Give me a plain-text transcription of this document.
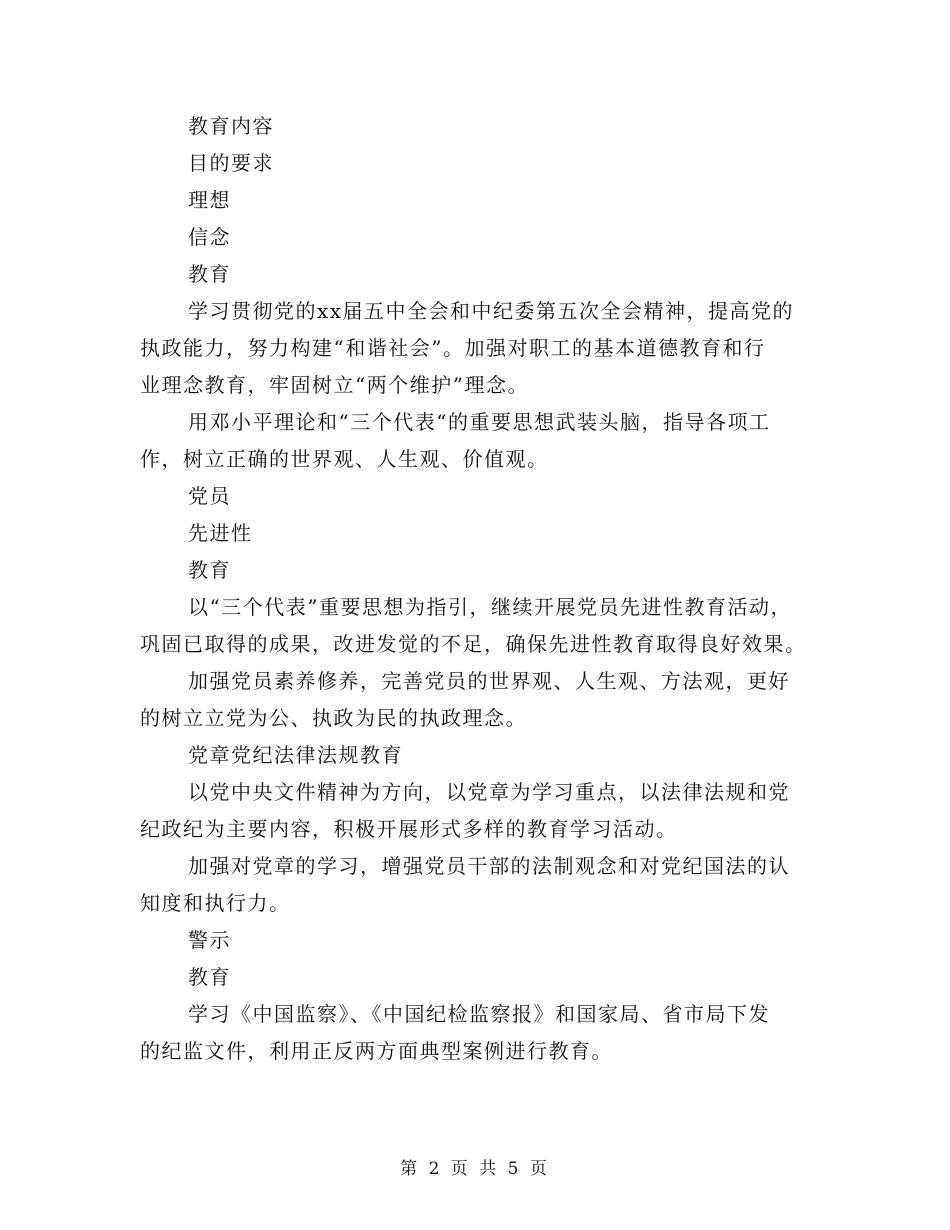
教育内容
目的要求
理想
信念
教育
学习贯彻党的xx届五中全会和中纪委第五次全会精神，提高党的
执政能力，努力构建“和谐社会”。加强对职工的基本道德教育和行
业理念教育，牢固树立“两个维护”理念。
用邓小平理论和“三个代表“的重要思想武装头脑，指导各项工
作，树立正确的世界观、人生观、价值观。
党员
先进性
教育
以“三个代表”重要思想为指引，继续开展党员先进性教育活动，
巩固已取得的成果，改进发觉的不足，确保先进性教育取得良好效果。
加强党员素养修养，完善党员的世界观、人生观、方法观，更好
的树立立党为公、执政为民的执政理念。
党章党纪法律法规教育
以党中央文件精神为方向，以党章为学习重点，以法律法规和党
纪政纪为主要内容，积极开展形式多样的教育学习活动。
加强对党章的学习，增强党员干部的法制观念和对党纪国法的认
知度和执行力。
警示
教育
学习《中国监察》、《中国纪检监察报》和国家局、省市局下发
的纪监文件，利用正反两方面典型案例进行教育。
第 2 页 共 5 页
